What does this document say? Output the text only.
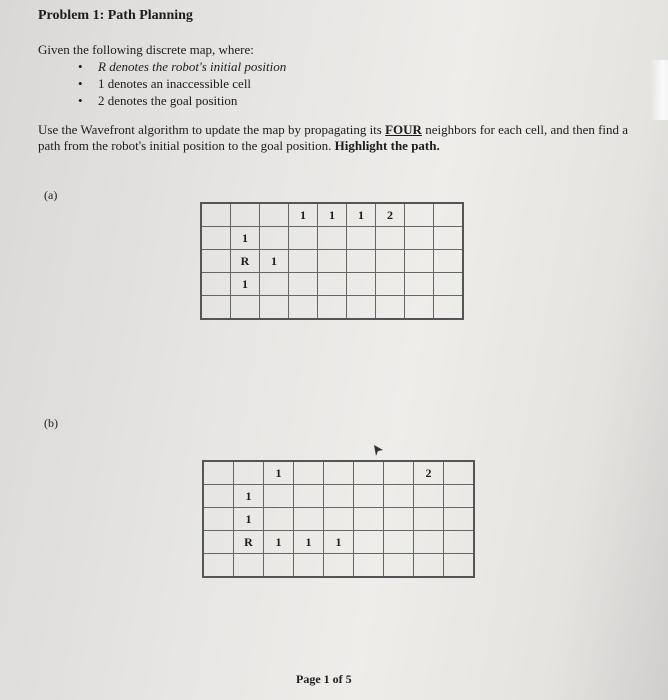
Problem 1: Path Planning
Given the following discrete map, where:
• R denotes the robot's initial position
• 1 denotes an inaccessible cell
• 2 denotes the goal position
Use the Wavefront algorithm to update the map by propagating its FOUR neighbors for each cell, and then find a path from the robot's initial position to the goal position. Highlight the path.
(a)
			1	1	1	2		
	1							
	R	1						
	1							

(b)
		1					2	
	1							
	1							
	R	1	1	1				

Page 1 of 5
